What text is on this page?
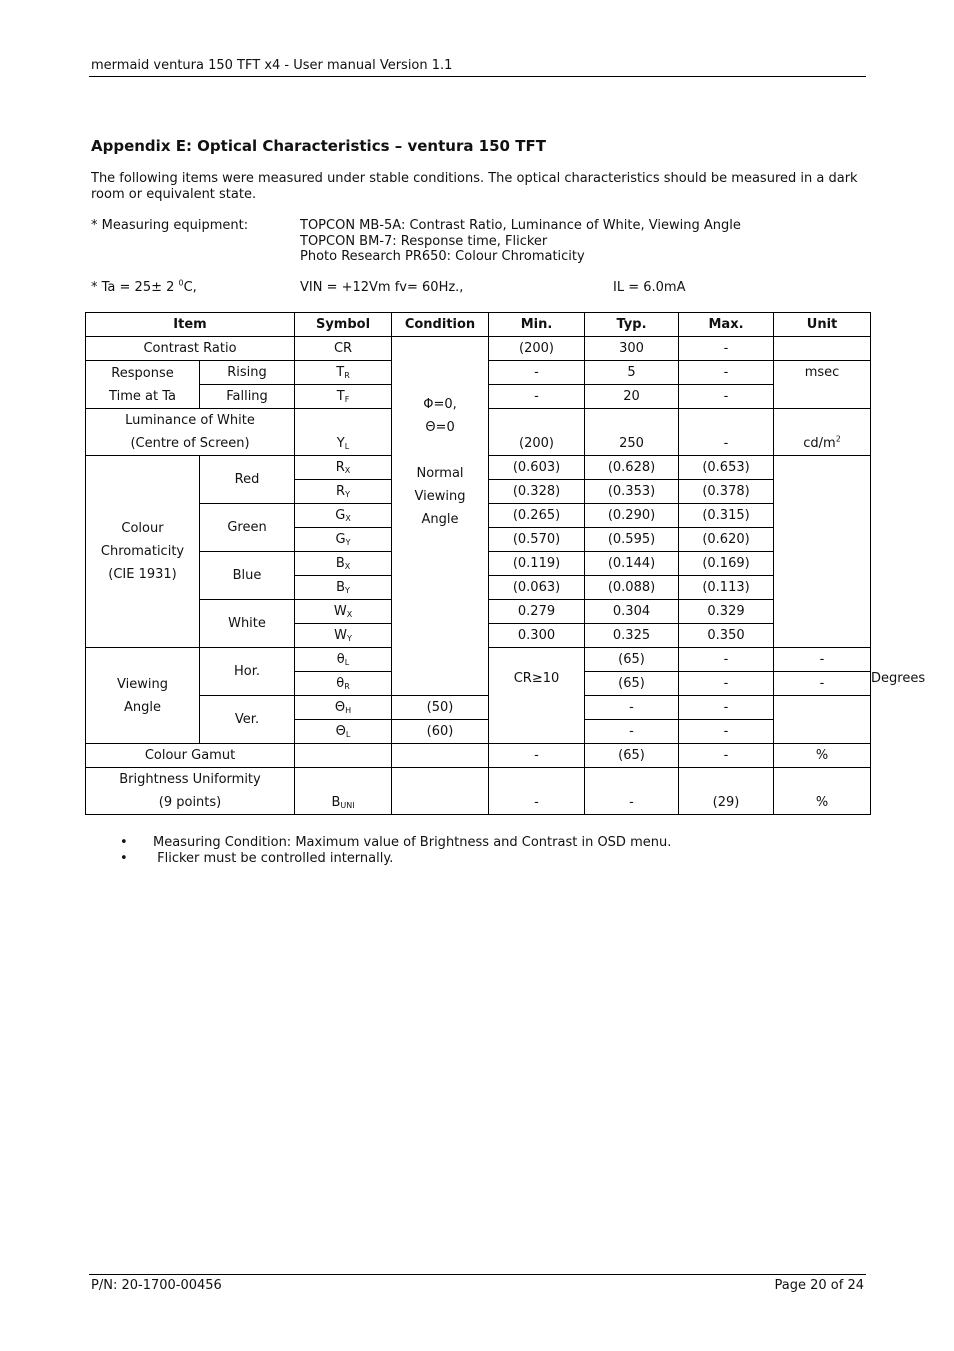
mermaid ventura 150 TFT x4 - User manual Version 1.1
Appendix E: Optical Characteristics – ventura 150 TFT
The following items were measured under stable conditions. The optical characteristics should be measured in a dark room or equivalent state.
* Measuring equipment:	TOPCON MB-5A: Contrast Ratio, Luminance of White, Viewing Angle
TOPCON BM-7: Response time, Flicker
Photo Research PR650: Colour Chromaticity
* Ta = 25± 2 $^0$C,	VIN = +12Vm fv= 60Hz.,	IL = 6.0mA
Item		Symbol	Condition	Min.	Typ.	Max.	Unit	
Contrast Ratio		CR	Φ=0,
Θ=0
Normal
Viewing
Angle	(200)	300	-		

Response
Time at Ta	Rising	$T_R$		-	5	-	msec	
	Falling	$T_F$		-	20	-		

Luminance of White
(Centre of Screen)		$Y_L$		(200)	250	-	$cd/m^2$

Colour
Chromaticity
(CIE 1931)	Red	$R_X$		(0.603)	(0.628)	(0.653)		
		$R_Y$		(0.328)	(0.353)	(0.378)		
	Green	$G_X$		(0.265)	(0.290)	(0.315)		
		$G_Y$		(0.570)	(0.595)	(0.620)		
	Blue	$B_X$		(0.119)	(0.144)	(0.169)		
		$B_Y$		(0.063)	(0.088)	(0.113)		
	White	$W_X$		0.279	0.304	0.329		
		$W_Y$		0.300	0.325	0.350		

Viewing
Angle	Hor.	$\theta_L$		CR≥10	(65)	-	-	Degrees
		$\theta_R$			(65)	-	-	
	Ver.	$\Theta_H$	(50)		-	-		
		$\Theta_L$	(60)		-	-		
Colour Gamut				-	(65)	-	%	

Brightness Uniformity
(9 points)		$B_{UNI}$		-	-	(29)	%	
• Measuring Condition: Maximum value of Brightness and Contrast in OSD menu.
• Flicker must be controlled internally.
P/N: 20-1700-00456	Page 20 of 24
